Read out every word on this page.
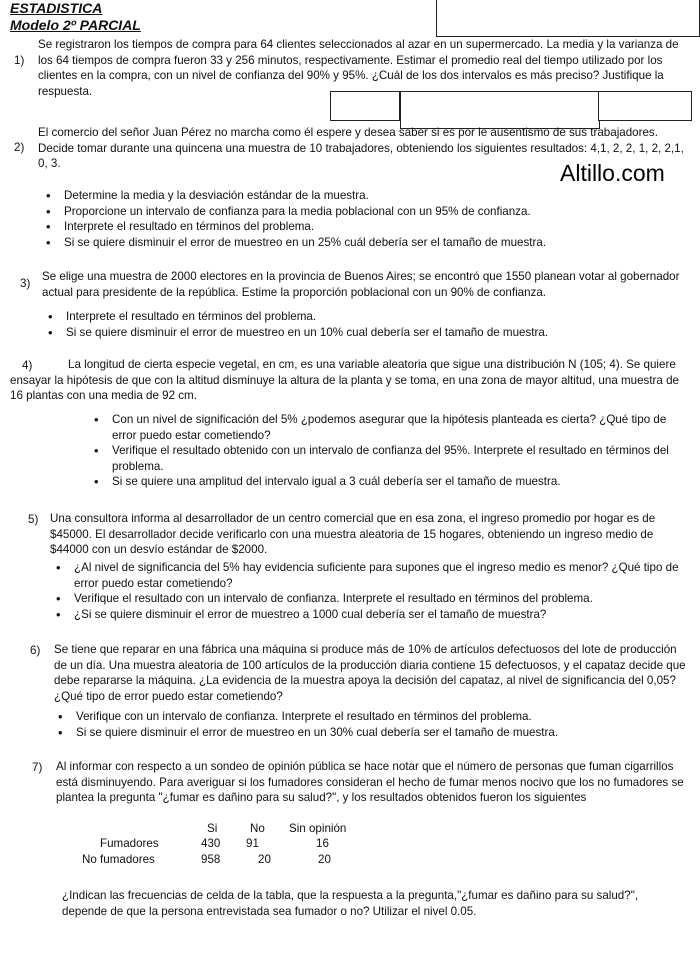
ESTADISTICA
Modelo 2º PARCIAL
Altillo.com
1)
Se registraron los tiempos de compra para 64 clientes seleccionados al azar en un supermercado. La media y la varianza de los 64 tiempos de compra fueron 33 y 256 minutos, respectivamente. Estimar el promedio real del tiempo utilizado por los clientes en la compra, con un nivel de confianza del 90% y 95%. ¿Cuál de los dos intervalos es más preciso? Justifique la respuesta.
2)
El comercio del señor Juan Pérez no marcha como él espere y desea saber si es por le ausentismo de sus trabajadores. Decide tomar durante una quincena una muestra de 10 trabajadores, obteniendo los siguientes resultados: 4,1, 2, 2, 1, 2, 2,1, 0, 3.
• Determine la media y la desviación estándar de la muestra.
• Proporcione un intervalo de confianza para la media poblacional con un 95% de confianza.
• Interprete el resultado en términos del problema.
• Si se quiere disminuir el error de muestreo en un 25% cuál debería ser el tamaño de muestra.
3)
Se elige una muestra de 2000 electores en la provincia de Buenos Aires; se encontró que 1550 planean votar al gobernador actual para presidente de la república. Estime la proporción poblacional con un 90% de confianza.
• Interprete el resultado en términos del problema.
• Si se quiere disminuir el error de muestreo en un 10% cual debería ser el tamaño de muestra.
4)	La longitud de cierta especie vegetal, en cm, es una variable aleatoria que sigue una distribución N (105; 4). Se quiere ensayar la hipótesis de que con la altitud disminuye la altura de la planta y se toma, en una zona de mayor altitud, una muestra de 16 plantas con una media de 92 cm.
• Con un nivel de significación del 5% ¿podemos asegurar que la hipótesis planteada es cierta? ¿Qué tipo de error puedo estar cometiendo?
• Verifique el resultado obtenido con un intervalo de confianza del 95%. Interprete el resultado en términos del problema.
• Si se quiere una amplitud del intervalo igual a 3 cuál debería ser el tamaño de muestra.
5) Una consultora informa al desarrollador de un centro comercial que en esa zona, el ingreso promedio por hogar es de $45000. El desarrollador decide verificarlo con una muestra aleatoria de 15 hogares, obteniendo un ingreso medio de $44000 con un desvío estándar de $2000.
• ¿Al nivel de significancia del 5% hay evidencia suficiente para supones que el ingreso medio es menor? ¿Qué tipo de error puedo estar cometiendo?
• Verifique el resultado con un intervalo de confianza. Interprete el resultado en términos del problema.
• ¿Si se quiere disminuir el error de muestreo a 1000 cual debería ser el tamaño de muestra?
6) Se tiene que reparar en una fábrica una máquina si produce más de 10% de artículos defectuosos del lote de producción de un día. Una muestra aleatoria de 100 artículos de la producción diaria contiene 15 defectuosos, y el capataz decide que debe repararse la máquina. ¿La evidencia de la muestra apoya la decisión del capataz, al nivel de significancia del 0,05? ¿Qué tipo de error puedo estar cometiendo?
• Verifique con un intervalo de confianza. Interprete el resultado en términos del problema.
• Si se quiere disminuir el error de muestreo en un 30% cual debería ser el tamaño de muestra.
7) Al informar con respecto a un sondeo de opinión pública se hace notar que el número de personas que fuman cigarrillos está disminuyendo. Para averiguar si los fumadores consideran el hecho de fumar menos nocivo que los no fumadores se plantea la pregunta "¿fumar es dañino para su salud?", y los resultados obtenidos fueron los siguientes
Si	No Sin opinión
Fumadores	430 91	16
No fumadores	958	20	20
¿Indican las frecuencias de celda de la tabla, que la respuesta a la pregunta,"¿fumar es dañino para su salud?", depende de que la persona entrevistada sea fumador o no? Utilizar el nivel 0.05.
